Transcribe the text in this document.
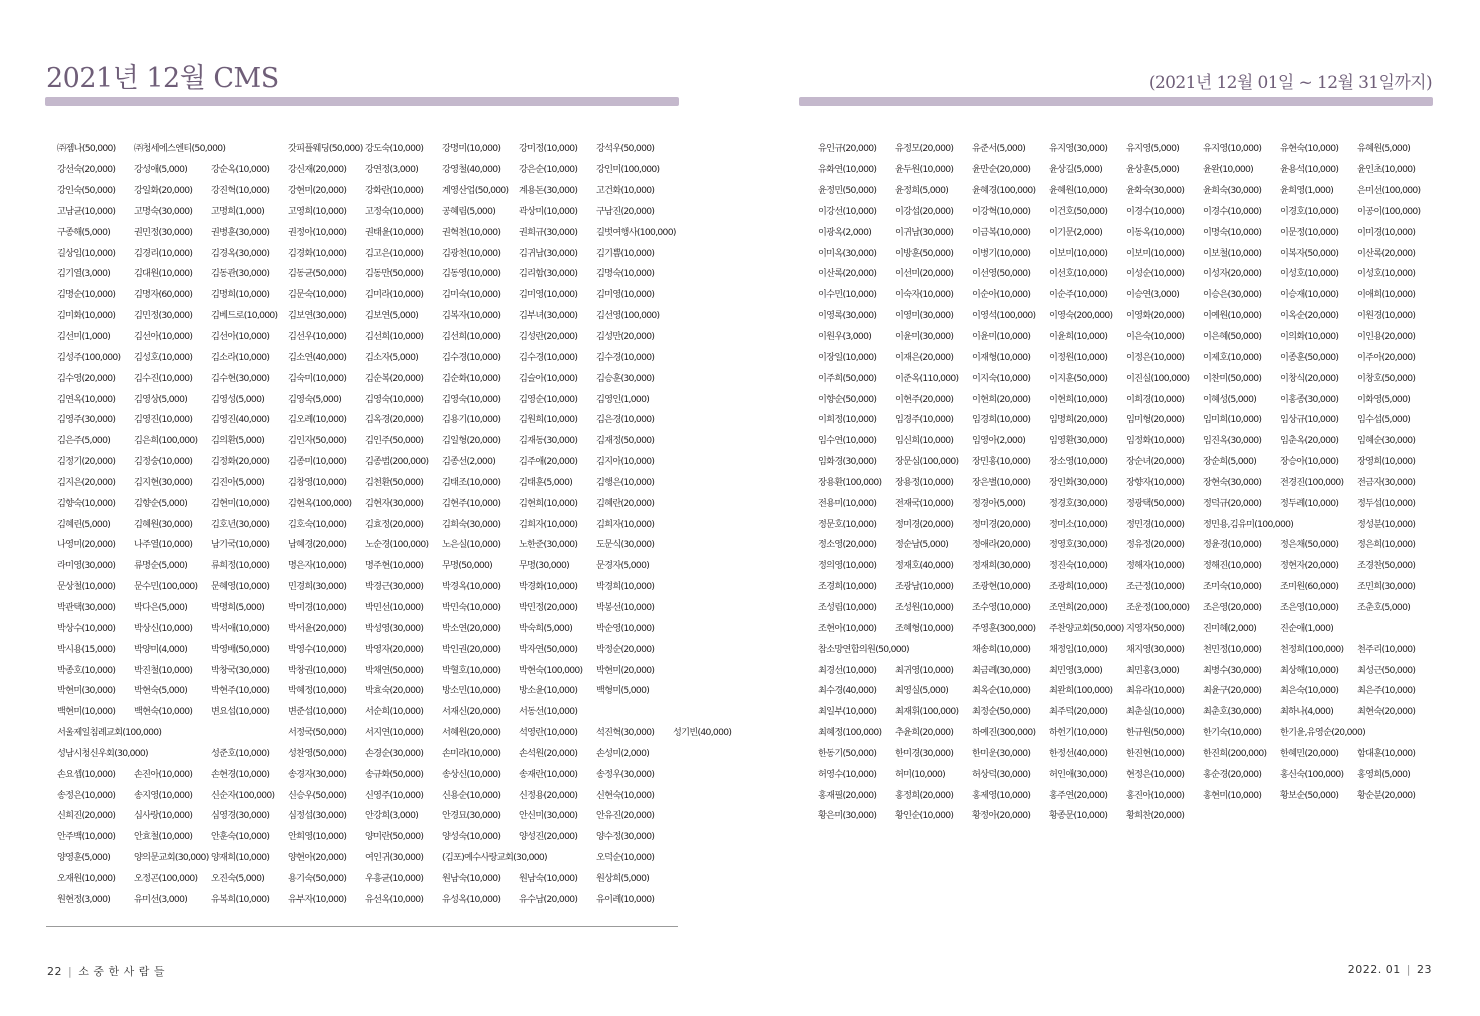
2021년 12월 CMS	(2021년 12월 01일 ~ 12월 31일까지)
㈜젬나(50,000)	㈜청세에스엔티(50,000)	갓피플웨딩(50,000) 강도숙(10,000)	강명미(10,000)	강미정(10,000)	강석우(50,000)
강선숙(20,000)	강성애(5,000)	강순옥(10,000)	강신재(20,000)	강연정(3,000)	강영철(40,000)	강은순(10,000)	강인미(100,000)
강인숙(50,000)	강일화(20,000)	강진혁(10,000)	강현미(20,000)	강화란(10,000)	계영산업(50,000)	계용돈(30,000)	고건화(10,000)
고남균(10,000)	고명숙(30,000)	고명희(1,000)	고영희(10,000)	고정숙(10,000)	공혜림(5,000)	곽상미(10,000)	구남진(20,000)
구종해(5,000)	권민정(30,000)	권병훈(30,000)	권정아(10,000)	권태윤(10,000)	권혁천(10,000)	권희규(30,000)	길벗여행사(100,000)
길상임(10,000)	김경리(10,000)	김경옥(30,000)	김경화(10,000)	김고은(10,000)	김광천(10,000)	김귀남(30,000)	김기쁨(10,000)
김기열(3,000)	김대원(10,000)	김동관(30,000)	김동균(50,000)	김동만(50,000)	김동영(10,000)	김리함(30,000)	김명숙(10,000)
김명순(10,000)	김명자(60,000)	김명희(10,000)	김문숙(10,000)	김미라(10,000)	김미숙(10,000)	김미영(10,000)	김미영(10,000)
김미화(10,000)	김민정(30,000)	김베드로(10,000)	김보연(30,000)	김보연(5,000)	김복자(10,000)	김부녀(30,000)	김선영(100,000)
김선미(1,000)	김선아(10,000)	김선아(10,000)	김선우(10,000)	김선희(10,000)	김선희(10,000)	김성란(20,000)	김성만(20,000)
김성주(100,000)	김성호(10,000)	김소라(10,000)	김소연(40,000)	김소자(5,000)	김수경(10,000)	김수경(10,000)	김수경(10,000)
김수영(20,000)	김수진(10,000)	김수현(30,000)	김숙미(10,000)	김순복(20,000)	김순화(10,000)	김슬아(10,000)	김승훈(30,000)
김연옥(10,000)	김영상(5,000)	김영성(5,000)	김영숙(5,000)	김영숙(10,000)	김영숙(10,000)	김영순(10,000)	김영인(1,000)
김영주(30,000)	김영진(10,000)	김영진(40,000)	김오례(10,000)	김옥경(20,000)	김용기(10,000)	김원희(10,000)	김은경(10,000)
김은주(5,000)	김은희(100,000)	김의환(5,000)	김인자(50,000)	김인주(50,000)	김일형(20,000)	김재동(30,000)	김재정(50,000)
김정기(20,000)	김정숭(10,000)	김정화(20,000)	김종미(10,000)	김종범(200,000)	김종선(2,000)	김주애(20,000)	김지아(10,000)
김지은(20,000)	김지현(30,000)	김진아(5,000)	김창영(10,000)	김천환(50,000)	김태조(10,000)	김태훈(5,000)	김행은(10,000)
김향숙(10,000)	김향순(5,000)	김현미(10,000)	김현옥(100,000)	김현자(30,000)	김현주(10,000)	김현희(10,000)	김혜란(20,000)
김혜린(5,000)	김혜원(30,000)	김호년(30,000)	김호숙(10,000)	김효정(20,000)	김희숙(30,000)	김희자(10,000)	김희자(10,000)
나영미(20,000)	나주열(10,000)	남기국(10,000)	남혜경(20,000)	노순경(100,000)	노은실(10,000)	노한준(30,000)	도문식(30,000)
라미영(30,000)	류명순(5,000)	류희정(10,000)	명은자(10,000)	명주현(10,000)	무명(50,000)	무명(30,000)	문경자(5,000)
문상철(10,000)	문수민(100,000)	문혜영(10,000)	민경희(30,000)	박경근(30,000)	박경옥(10,000)	박경화(10,000)	박경희(10,000)
박관택(30,000)	박다은(5,000)	박명희(5,000)	박미경(10,000)	박민선(10,000)	박민숙(10,000)	박민정(20,000)	박봉선(10,000)
박상수(10,000)	박상신(10,000)	박서애(10,000)	박서윤(20,000)	박성영(30,000)	박소연(20,000)	박숙희(5,000)	박순영(10,000)
박시용(15,000)	박양미(4,000)	박영배(50,000)	박영수(10,000)	박영자(20,000)	박인권(20,000)	박자연(50,000)	박정순(20,000)
박종호(10,000)	박진철(10,000)	박창국(30,000)	박창권(10,000)	박채연(50,000)	박혈호(10,000)	박현숙(100,000)	박현미(20,000)
박현미(30,000)	박현숙(5,000)	박현주(10,000)	박혜정(10,000)	박효숙(20,000)	방소민(10,000)	방소윤(10,000)	백형미(5,000)
백현미(10,000)	백현숙(10,000)	변요섭(10,000)	변준섭(10,000)	서순희(10,000)	서재신(20,000)	서동선(10,000)
서울제일침례교회(100,000)	서정국(50,000)	서지연(10,000)	서혜원(20,000)	석영란(10,000)	석진혁(30,000)	성기빈(40,000)
성남시청신우회(30,000)	성준호(10,000)	성찬영(50,000)	손경순(30,000)	손미라(10,000)	손석원(20,000)	손성미(2,000)
손요셉(10,000)	손진아(10,000)	손현경(10,000)	송경자(30,000)	송규화(50,000)	송상신(10,000)	송재란(10,000)	송정우(30,000)
송정은(10,000)	송지영(10,000)	신순자(100,000)	신승우(50,000)	신영주(10,000)	신용순(10,000)	신정용(20,000)	신현숙(10,000)
신희진(20,000)	심사랑(10,000)	심영경(30,000)	심정섭(30,000)	안강희(3,000)	안경묘(30,000)	안신미(30,000)	안유진(20,000)
안주백(10,000)	안효철(10,000)	안훈숙(10,000)	안희영(10,000)	양미란(50,000)	양성숙(10,000)	양성진(20,000)	양수정(30,000)
양영훈(5,000)	양의문교회(30,000) 양재희(10,000)	양현아(20,000)	여인귀(30,000)	(김포)예수사랑교회(30,000)	오덕순(10,000)
오재원(10,000)	오정곤(100,000)	오진숙(5,000)	용기숙(50,000)	우흥균(10,000)	원남숙(10,000)	원남숙(10,000)	원상희(5,000)
원현정(3,000)	유미선(3,000)	유복희(10,000)	유부자(10,000)	유선옥(10,000)	유성옥(10,000)	유수남(20,000)	유이례(10,000)
유인규(20,000)	유정모(20,000)	유준서(5,000)	유지영(30,000)	유지영(5,000)	유지영(10,000)	유현숙(10,000)	유혜원(5,000)
유화연(10,000)	윤두원(10,000)	윤만순(20,000)	윤상길(5,000)	윤상훈(5,000)	윤완(10,000)	윤용석(10,000)	윤인초(10,000)
윤정민(50,000)	윤정희(5,000)	윤혜경(100,000)	윤혜원(10,000)	윤화숙(30,000)	윤희숙(30,000)	윤희영(1,000)	은미선(100,000)
이강선(10,000)	이강섭(20,000)	이강혁(10,000)	이건호(50,000)	이경수(10,000)	이경수(10,000)	이경호(10,000)	이공이(100,000)
이광옥(2,000)	이귀남(30,000)	이금복(10,000)	이기문(2,000)	이동옥(10,000)	이명숙(10,000)	이문정(10,000)	이미경(10,000)
이미옥(30,000)	이방훈(50,000)	이병기(10,000)	이보미(10,000)	이보미(10,000)	이보철(10,000)	이복자(50,000)	이산록(20,000)
이산록(20,000)	이선미(20,000)	이선영(50,000)	이선호(10,000)	이성순(10,000)	이성자(20,000)	이성호(10,000)	이성호(10,000)
이수민(10,000)	이숙자(10,000)	이순아(10,000)	이순주(10,000)	이승연(3,000)	이승은(30,000)	이승재(10,000)	이애희(10,000)
이영록(30,000)	이영미(30,000)	이영석(100,000)	이영숙(200,000)	이영화(20,000)	이예원(10,000)	이옥순(20,000)	이원경(10,000)
이원우(3,000)	이윤미(30,000)	이윤미(10,000)	이윤희(10,000)	이은숙(10,000)	이은혜(50,000)	이의화(10,000)	이인용(20,000)
이장일(10,000)	이재은(20,000)	이재형(10,000)	이정원(10,000)	이정은(10,000)	이제호(10,000)	이종훈(50,000)	이주아(20,000)
이주희(50,000)	이준옥(110,000)	이지숙(10,000)	이지훈(50,000)	이진실(100,000)	이찬미(50,000)	이창식(20,000)	이창호(50,000)
이향순(50,000)	이현주(20,000)	이현희(20,000)	이현희(10,000)	이희경(10,000)	이혜성(5,000)	이홍종(30,000)	이화영(5,000)
이희정(10,000)	임경주(10,000)	임경희(10,000)	임명희(20,000)	임미형(20,000)	임미희(10,000)	임상규(10,000)	임수섭(5,000)
임수연(10,000)	임신희(10,000)	임영아(2,000)	임영환(30,000)	임정화(10,000)	임진옥(30,000)	임춘옥(20,000)	임혜순(30,000)
임화경(30,000)	장문심(100,000)	장민홍(10,000)	장소영(10,000)	장순녀(20,000)	장순희(5,000)	장승아(10,000)	장영희(10,000)
장용환(100,000)	장용정(10,000)	장은별(10,000)	장인화(30,000)	장향자(10,000)	장현숙(30,000)	전경진(100,000)	전금자(30,000)
전용미(10,000)	전재국(10,000)	정경아(5,000)	정경호(30,000)	정광택(50,000)	정덕규(20,000)	정두례(10,000)	정두섭(10,000)
정문호(10,000)	정미경(20,000)	정미경(20,000)	정미소(10,000)	정민경(10,000)	정민용,김유미(100,000)	정성분(10,000)
정소영(20,000)	정순남(5,000)	정애라(20,000)	정영호(30,000)	정유정(20,000)	정윤경(10,000)	정은채(50,000)	정은희(10,000)
정의영(10,000)	정재호(40,000)	정재희(30,000)	정진숙(10,000)	정해자(10,000)	정해진(10,000)	정현자(20,000)	조경찬(50,000)
조경희(10,000)	조광남(10,000)	조광현(10,000)	조광희(10,000)	조근정(10,000)	조미숙(10,000)	조미원(60,000)	조민희(30,000)
조성림(10,000)	조성원(10,000)	조수영(10,000)	조연희(20,000)	조운정(100,000)	조은영(20,000)	조은영(10,000)	조춘호(5,000)
조현아(10,000)	조혜형(10,000)	주영훈(300,000)	주찬양교회(50,000) 지영자(50,000)	진미혜(2,000)	진순애(1,000)
참소망연합의원(50,000)	채송희(10,000)	채정임(10,000)	채지영(30,000)	천민정(10,000)	천정희(100,000)	천주리(10,000)
최경선(10,000)	최귀영(10,000)	최금례(30,000)	최민영(3,000)	최민홍(3,000)	최병수(30,000)	최상해(10,000)	최성근(50,000)
최수경(40,000)	최영실(5,000)	최옥순(10,000)	최완희(100,000)	최유라(10,000)	최윤구(20,000)	최은숙(10,000)	최은주(10,000)
최일부(10,000)	최재휘(100,000)	최정순(50,000)	최주덕(20,000)	최춘실(10,000)	최춘호(30,000)	최하나(4,000)	최현숙(20,000)
최혜정(100,000)	추윤희(20,000)	하예진(300,000)	하헌기(10,000)	한규원(50,000)	한기숙(10,000)	한기윤,유영순(20,000)
한동기(50,000)	한미경(30,000)	한미운(30,000)	한정선(40,000)	한진현(10,000)	한진희(200,000)	한혜민(20,000)	함대훈(10,000)
허영수(10,000)	허미(10,000)	허상덕(30,000)	허인애(30,000)	현정은(10,000)	홍순경(20,000)	홍신숙(100,000)	홍영희(5,000)
홍재필(20,000)	홍정희(20,000)	홍제영(10,000)	홍주연(20,000)	홍진아(10,000)	홍현미(10,000)	황보순(50,000)	황순분(20,000)
황은미(30,000)	황인순(10,000)	황정아(20,000)	황종문(10,000)	황희찬(20,000)
22 | 소 중 한 사 람 들	2022. 01 | 23
